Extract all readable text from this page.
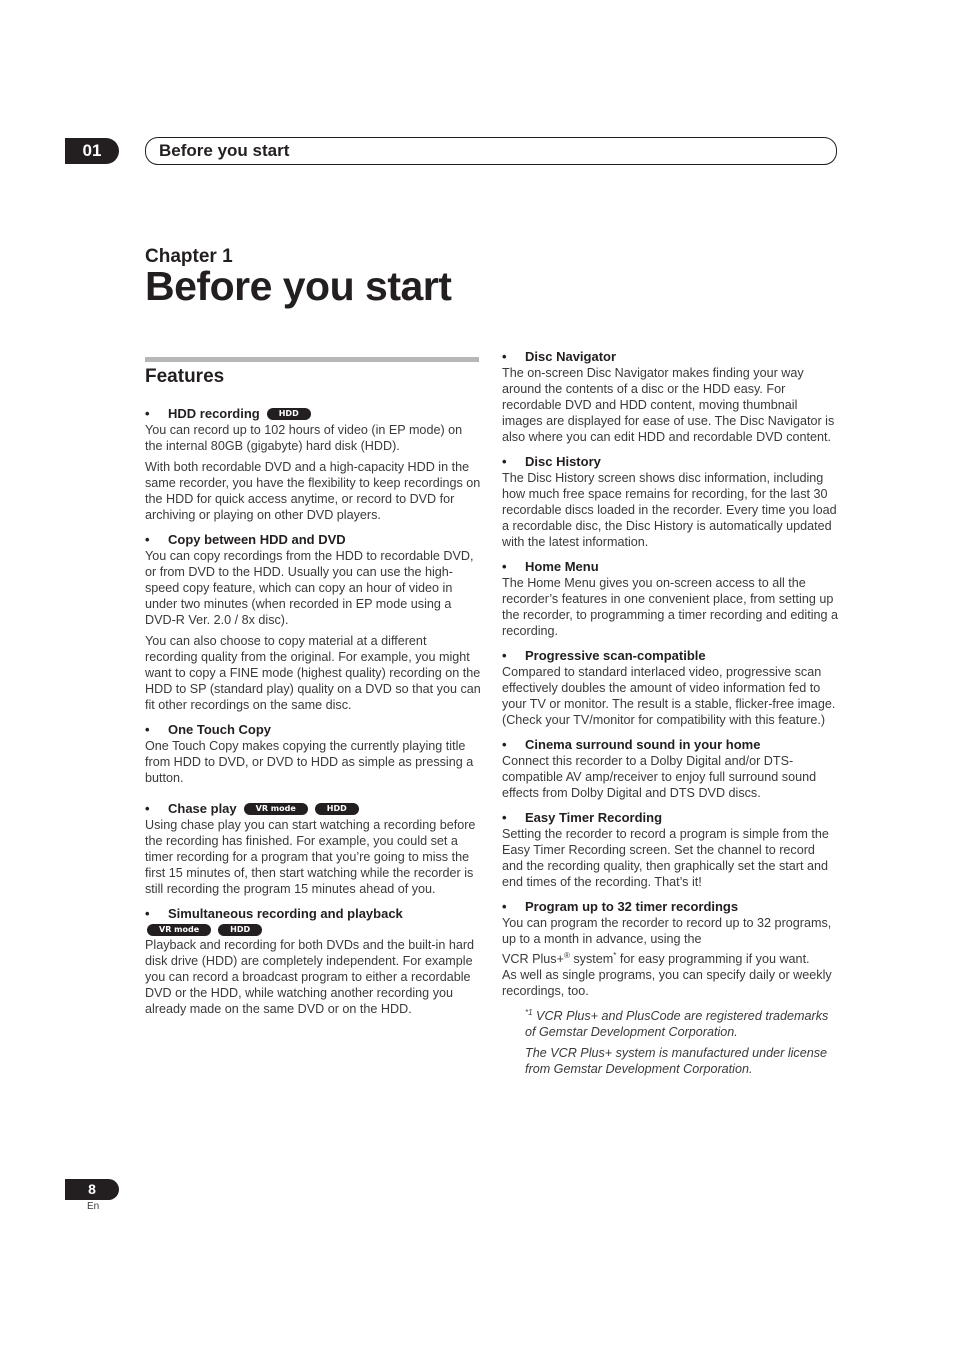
01	Before you start
Chapter 1
Before you start
Features
•	HDD recording	HDD

You can record up to 102 hours of video (in EP mode) on the internal 80GB (gigabyte) hard disk (HDD).

With both recordable DVD and a high-capacity HDD in the same recorder, you have the flexibility to keep recordings on the HDD for quick access anytime, or record to DVD for archiving or playing on other DVD players.

•	Copy between HDD and DVD

You can copy recordings from the HDD to recordable DVD, or from DVD to the HDD. Usually you can use the high-speed copy feature, which can copy an hour of video in under two minutes (when recorded in EP mode using a DVD-R Ver. 2.0 / 8x disc).

You can also choose to copy material at a different recording quality from the original. For example, you might want to copy a FINE mode (highest quality) recording on the HDD to SP (standard play) quality on a DVD so that you can fit other recordings on the same disc.

•	One Touch Copy

One Touch Copy makes copying the currently playing title from HDD to DVD, or DVD to HDD as simple as pressing a button.

•	Chase play	VR mode	HDD

Using chase play you can start watching a recording before the recording has finished. For example, you could set a timer recording for a program that you’re going to miss the first 15 minutes of, then start watching while the recorder is still recording the program 15 minutes ahead of you.

•	Simultaneous recording and playback
VR mode	HDD

Playback and recording for both DVDs and the built-in hard disk drive (HDD) are completely independent. For example you can record a broadcast program to either a recordable DVD or the HDD, while watching another recording you already made on the same DVD or on the HDD.

•	Disc Navigator

The on-screen Disc Navigator makes finding your way around the contents of a disc or the HDD easy. For recordable DVD and HDD content, moving thumbnail images are displayed for ease of use. The Disc Navigator is also where you can edit HDD and recordable DVD content.

•	Disc History

The Disc History screen shows disc information, including how much free space remains for recording, for the last 30 recordable discs loaded in the recorder. Every time you load a recordable disc, the Disc History is automatically updated with the latest information.

•	Home Menu

The Home Menu gives you on-screen access to all the recorder’s features in one convenient place, from setting up the recorder, to programming a timer recording and editing a recording.

•	Progressive scan-compatible

Compared to standard interlaced video, progressive scan effectively doubles the amount of video information fed to your TV or monitor. The result is a stable, flicker-free image. (Check your TV/monitor for compatibility with this feature.)

•	Cinema surround sound in your home

Connect this recorder to a Dolby Digital and/or DTS-compatible AV amp/receiver to enjoy full surround sound effects from Dolby Digital and DTS DVD discs.

•	Easy Timer Recording

Setting the recorder to record a program is simple from the Easy Timer Recording screen. Set the channel to record and the recording quality, then graphically set the start and end times of the recording. That’s it!

•	Program up to 32 timer recordings

You can program the recorder to record up to 32 programs, up to a month in advance, using the

VCR Plus+® system* for easy programming if you want.

As well as single programs, you can specify daily or weekly recordings, too.

$^{*1}$ VCR Plus+ and PlusCode are registered trademarks of Gemstar Development Corporation.

The VCR Plus+ system is manufactured under license from Gemstar Development Corporation.

8
En
